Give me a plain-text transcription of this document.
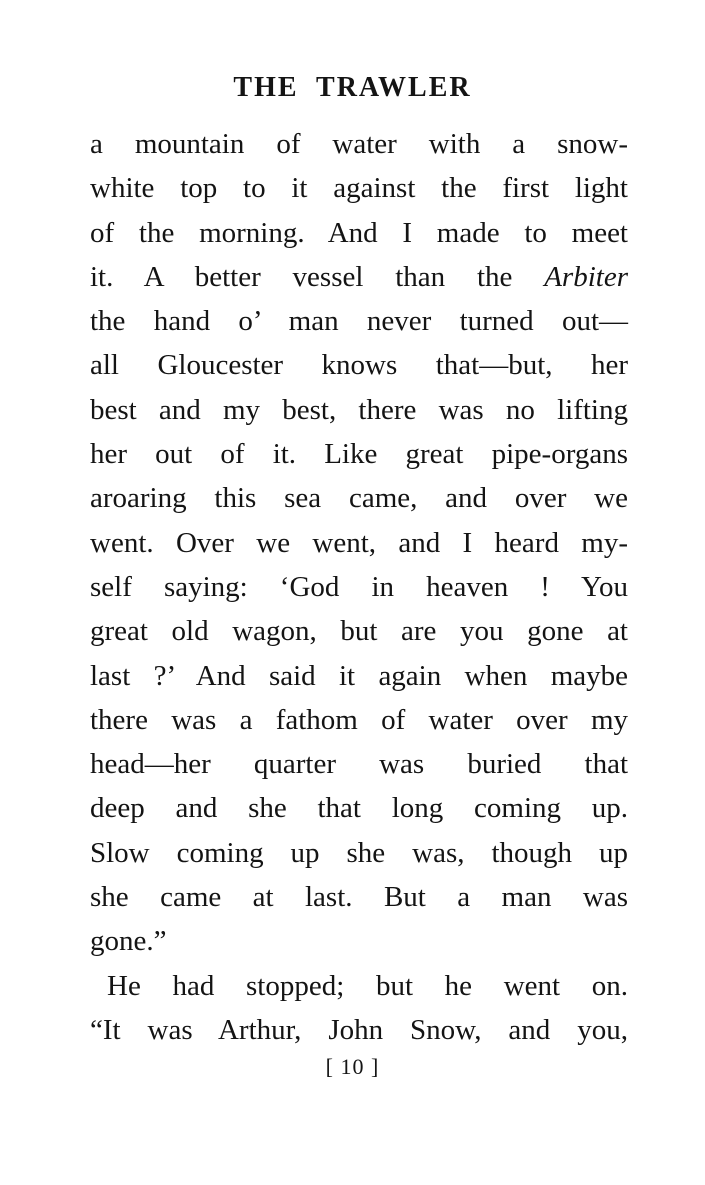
THE TRAWLER
a mountain of water with a snow-
white top to it against the first light
of the morning. And I made to meet
it. A better vessel than the Arbiter
the hand o’ man never turned out—
all Gloucester knows that—but, her
best and my best, there was no lifting
her out of it. Like great pipe-organs
aroaring this sea came, and over we
went. Over we went, and I heard my-
self saying: ‘God in heaven ! You
great old wagon, but are you gone at
last ?’ And said it again when maybe
there was a fathom of water over my
head—her quarter was buried that
deep and she that long coming up.
Slow coming up she was, though up
she came at last. But a man was
gone.”
He had stopped; but he went on.
“It was Arthur, John Snow, and you,
[ 10 ]
